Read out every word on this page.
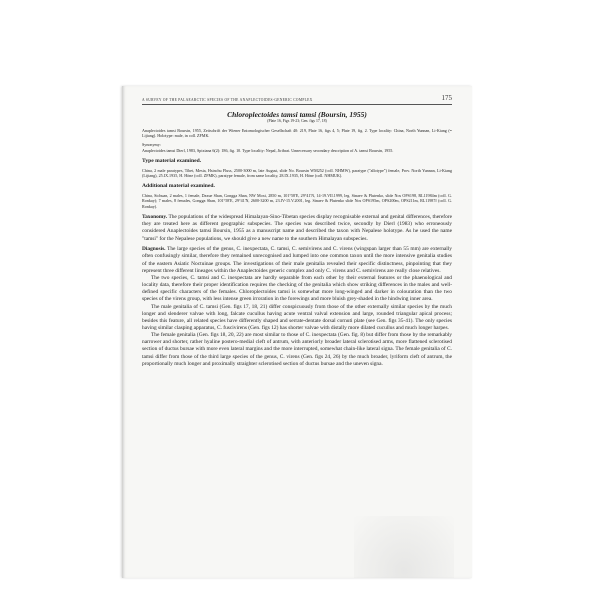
A SURVEY OF THE PALAEARCTIC SPECIES OF THE ANAPLECTOIDES-GENERIC COMPLEX	175
Chloroplectoides tamsi tamsi (Boursin, 1955)
(Plate 16, Figs 19-23; Gen. figs 17, 18)

Anaplectoides tamsi Boursin, 1955, Zeitschrift der Wiener Entomologischer Gesellschaft 40: 219, Plate 16, figs 4, 5; Plate 19, fig. 2. Type locality: China, North Yunnan, Li-Kiang (= Lijiang). Holotype: male, in coll. ZFMK.

Synonymy:

Anaplectoides tamsi Dierl, 1983, Spixiana 6(2): 186, fig. 10. Type locality: Nepal, Jiribrat. Unnecessary secondary description of A. tamsi Boursin, 1955.

Type material examined.

China, 2 male paratypes, Tibet, Mesia, Hsinchu Fluss, 2500-3000 m, late August, slide No. Boursin WM252 (coll. NHMW), paratype ("allotype") female, Prov. North Yunnan, Li-Kiang (Lijiang), 25.IX.1935, H. Höne (coll. ZFMK), paratype female, from same locality, 28.IX.1935, H. Höne (coll. NHMUK).

Additional material examined.

China, Sichuan, 2 males, 1 female, Daxue Shan, Gongga Shan, NW Moxi, 2850 m, 101°58'E, 29°41'N, 14-19.VII.1999, leg. Sinaev & Plutenko, slide Nos OPS198, RL11984m (coll. G. Ronkay); 7 males, 8 females, Gongga Shan, 101°58'E, 29°41'N, 2600-3200 m, 23.IV-15.V.2001, leg. Sinaev & Plutenko slide Nos OPS195m, OPS200m, OPS211m, RL11987f (coll. G. Ronkay).

Taxonomy. The populations of the widespread Himalayan-Sino-Tibetan species display recognisable external and genital differences, therefore they are treated here as different geographic subspecies. The species was described twice, secondly by Dierl (1983) who erroneously considered Anaplectoides tamsi Boursin, 1955 as a manuscript name and described the taxon with Nepalese holotype. As he used the name "tamsi" for the Nepalese populations, we should give a new name to the southern Himalayan subspecies.

Diagnosis. The large species of the genus, C. inexpectata, C. tamsi, C. semivirens and C. virens (wingspan larger than 55 mm) are externally often confusingly similar, therefore they remained unrecognised and lumped into one common taxon until the more intensive genitalia studies of the eastern Asiatic Noctuinae groups. The investigations of their male genitalia revealed their specific distinctness, pinpointing that they represent three different lineages within the Anaplectoides generic complex and only C. virens and C. semivirens are really close relatives.

The two species, C. tamsi and C. inexpectata are hardly separable from each other by their external features or the phaenological and locality data, therefore their proper identification requires the checking of the genitalia which show striking differences in the males and well-defined specific characters of the females. Chloroplectoides tamsi is somewhat more long-winged and darker in colouration than the two species of the virens group, with less intense green irroration in the forewings and more bluish grey-shaded in the hindwing inner area.

The male genitalia of C. tamsi (Gen. figs 17, 18, 21) differ conspicuously from those of the other externally similar species by the much longer and slenderer valvae with long, falcate cucullus having acute ventral valval extension and large, rounded triangular apical process; besides this feature, all related species have differently shaped and serrate-dentate dorsal cornuti plate (see Gen. figs 35-41). The only species having similar clasping apparatus, C. fuscivirens (Gen. figs 12) has shorter valvae with distally more dilated cucullus and much longer harpes.

The female genitalia (Gen. figs 18, 20, 22) are most similar to those of C. inexpectata (Gen. fig. 8) but differ from those by the remarkably narrower and shorter, rather hyaline postero-medial cleft of antrum, with anteriorly broader lateral sclerotised arms, more flattened sclerotised section of ductus bursae with more even lateral margins and the more interrupted, somewhat chain-like lateral signa. The female genitalia of C. tamsi differ from those of the third large species of the genus, C. virens (Gen. figs 24, 26) by the much broader, lyriform cleft of antrum, the proportionally much longer and proximally straighter sclerotised section of ductus bursae and the uneven signa.
